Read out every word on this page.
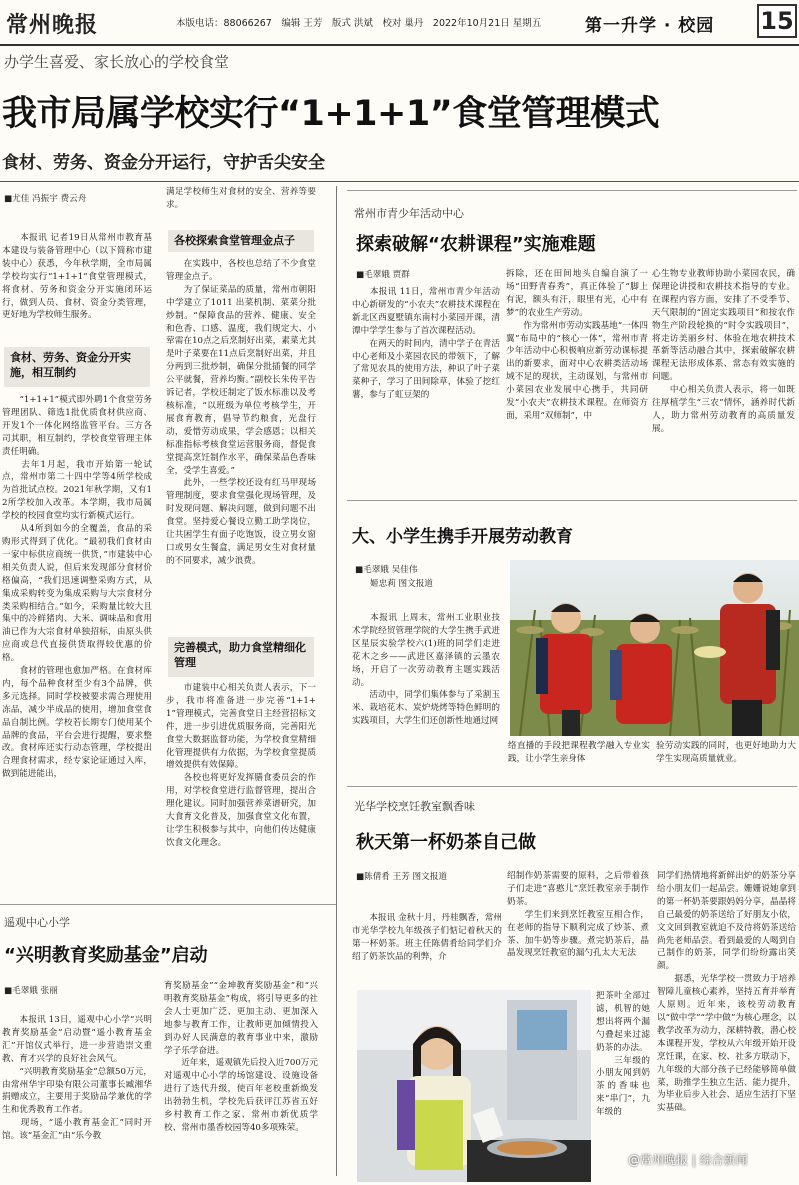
常州晚报	本版电话：88066267　编辑 王芳　版式 洪斌　校对 巢丹　2022年10月21日 星期五	第一升学 · 校园 15
办学生喜爱、家长放心的学校食堂
我市局属学校实行“1+1+1”食堂管理模式
食材、劳务、资金分开运行，守护舌尖安全
■尤佳 冯振宇 费云舟
　　本报讯 记者19日从常州市教育基本建设与装备管理中心（以下简称市建装中心）获悉，今年秋学期，全市局属学校均实行“1+1+1”食堂管理模式，将食材、劳务和资金分开实施闭环运行，做到人员、食材、资金分类管理，更好地为学校师生服务。
食材、劳务、资金分开实施，相互制约
　　“1+1+1”模式即外聘1个食堂劳务管理团队、筛选1批优质食材供应商、开发1个一体化网络监管平台。三方各司其职，相互制约，学校食堂管理主体责任明确。
　　去年1月起，我市开始第一轮试点，常州市第二十四中学等4所学校成为首批试点校。2021年秋学期，又有12所学校加入改革。本学期，我市局属学校的校园食堂均实行新模式运行。
　　从4所到如今的全覆盖，食品的采购形式得到了优化。“最初我们食材由一家中标供应商统一供货，”市建装中心相关负责人说，但后来发现部分食材价格偏高，“我们迅速调整采购方式，从集成采购转变为集成采购与大宗食材分类采购相结合。”如今，采购量比较大且集中的冷鲜猪肉、大米、调味品和食用油已作为大宗食材单独招标，由原头供应商或总代直接供货取得较优惠的价格。
　　食材的管理也愈加严格。在食材库内，每个品种食材至少有3个品牌，供多元选择。同时学校被要求需合理使用冻品，减少半成品的使用，增加食堂食品自制比例。学校若长期专门使用某个品牌的食品，平台会进行提醒，要求整改。食材库还实行动态管理，学校提出合理食材需求，经专家论证通过入库，做到能进能出，
满足学校师生对食材的安全、营养等要求。
各校探索食堂管理金点子
　　在实践中，各校也总结了不少食堂管理金点子。
　　为了保证菜品的质量，常州市朝阳中学建立了1011 出菜机制、菜菜分批炒制。“保障食品的营养、健康、安全和色香、口感、温度，我们规定大、小荤需在10点之后烹制好出菜，素菜尤其是叶子菜要在11点后烹制好出菜，并且分两到三批炒制，确保分批插餐的同学公平就餐，营养均衡。”副校长朱传平告诉记者，学校还制定了饭水标准以及考核标准，“以班级为单位考核学生，开展食育教育，倡导节约粮食，光盘行动，爱惜劳动成果，学会感恩；以相关标准指标考核食堂运营服务商，督促食堂提高烹饪制作水平，确保菜品色香味全，受学生喜爱。”
　　此外，一些学校还设有红马甲现场管理制度，要求食堂强化现场管理，及时发现问题、解决问题，做到问题不出食堂。坚持爱心餐设立勤工助学岗位，让共困学生有面子吃饱饭，设立男女窗口或男女生餐盒，满足男女生对食材量的不同要求，减少浪费。
完善模式，助力食堂精细化管理
　　市建装中心相关负责人表示，下一步，我市将准备进一步完善“1+1+1”管理模式，完善食堂日主经营招标文件，进一步引进优质服务商，完善阳光食堂大数据监督功能，为学校食堂精细化管理提供有力依据，为学校食堂提质增效提供有效保障。
　　各校也将更好发挥膳食委员会的作用，对学校食堂进行监督管理，提出合理化建议。同时加强营养菜谱研究，加大食育文化普及，加强食堂文化布置，让学生积极参与其中，向他们传达健康饮食文化理念。
常州市青少年活动中心
探索破解“农耕课程”实施难题
■毛翠娥 贾群
　　本报讯 11日，常州市青少年活动中心新研发的“小农夫”农耕技术课程在新北区西夏墅镇东南村小菜园开课，清潭中学学生参与了首次课程活动。
　　在两天的时间内，清中学子在青活中心老师及小菜园农民的带领下，了解了常见农具的使用方法，种识了叶子菜菜种子，学习了田间除草，体验了挖红薯，参与了虹豆架的
拆除，还在田间地头自编自演了一场“田野青春秀”，真正体验了“脚上有泥，额头有汗，眼里有光，心中有梦”的农业生产劳动。
　　作为常州市劳动实践基地“一体四翼”布局中的“核心一体”，常州市青少年活动中心积极响应新劳动课标提出的新要求，面对中心农耕类活动场域不足的现状，主动谋划，与常州市小菜园农业发展中心携手，共同研发“小农夫”农耕技术课程。在师资方面，采用“双师制”，中
心生物专业教师协助小菜园农民，确保理论讲授和农耕技术指导的专业。在课程内容方面，安排了不受季节、天气限制的“固定实践项目”和按农作物生产阶段轮换的“时令实践项目”，将走访美丽乡村、体验在地农耕技术革新等活动融合其中，探索破解农耕课程无法形成体系、常态有效实施的问题。
　　中心相关负责人表示，将一如既往厚植学生“三农”情怀，涵养时代新人，助力常州劳动教育的高质量发展。
大、小学生携手开展劳动教育
■毛翠娥 吴佳伟
姬忠莉 图文报道
　　本报讯 上周末，常州工业职业技术学院经贸管理学院的大学生携手武进区星辰实验学校六(1)班的同学们走进花木之乡——武进区嘉泽镇的云墨农场，开启了一次劳动教育主题实践活动。
　　活动中，同学们集体参与了采割玉米、栽培花木、炭炉烧烤等特色鲜明的实践项目，大学生们还创新性地通过网
络直播的手段把课程教学融入专业实践，让小学生亲身体
验劳动实践的同时，也更好地助力大学生实现高质量就业。
光华学校烹饪教室飘香味
秋天第一杯奶茶自己做
■陈倩肴 王芳 图文报道
　　本报讯 金秋十月，丹桂飘香，常州市光华学校九年级孩子们惦记着秋天的第一杯奶茶。班主任陈倩肴给同学们介绍了奶茶饮品的利弊，介
绍制作奶茶需要的原料，之后带着孩子们走进“喜憨儿”烹饪教室亲手制作奶茶。
　　学生们来到烹饪教室互相合作，在老师的指导下顺利完成了炒茶、煮茶、加牛奶等步骤。煮完奶茶后，晶晶发现烹饪教室的漏勺孔太大无法
把茶叶全部过滤，机智的她想出将两个漏勺叠起来过滤奶茶的办法。
　　三年级的小朋友闻到奶茶的香味也来“串门”，九年级的
同学们热情地将新鲜出炉的奶茶分享给小朋友们一起品尝。姗姗说她拿到的第一杯奶茶要跟妈妈分享，晶晶将自己最爱的奶茶送给了好朋友小依，文文回到教室就迫不及待将奶茶送给尚先老师品尝。看到最爱的人喝到自己制作的奶茶，同学们纷纷露出笑颜。
　　据悉，光华学校一贯致力于培养智障儿童核心素养，坚持五育并举育人原则。近年来，该校劳动教育以“做中学”“学中做”为核心理念，以教学改革为动力，深耕特教，潜心校本课程开发，学校从六年级开始开设烹饪课，在家、校、社多方联动下，九年级的大部分孩子已经能够简单做菜，助推学生独立生活、能力提升，为毕业后步入社会、适应生活打下坚实基础。
@常州晚报 | 综合新闻
遥观中心小学
“兴明教育奖励基金”启动
■毛翠娥 张丽
　　本报讯 13日，遥观中心小学“兴明教育奖励基金”启动暨“遥小教育基金汇”开馆仪式举行，进一步营造崇文重教、育才兴学的良好社会风气。
　　“兴明教育奖励基金”总额50万元，由常州华宇印染有限公司董事长臧湘华捐赠成立，主要用于奖励品学兼优的学生和优秀教育工作者。
　　现场，“遥小教育基金汇”同时开馆。该“基金汇”由“乐今教
育奖励基金”“金坤教育奖励基金”和“兴明教育奖励基金”构成，将引导更多的社会人士更加广泛、更加主动、更加深入地参与教育工作，让教师更加倾情投入到办好人民满意的教育事业中来，激励学子乐学奋进。
　　近年来，遥观镇先后投入近700万元对遥观中心小学的场馆建设、设施设备进行了迭代升级，使百年老校重新焕发出勃勃生机，学校先后获评江苏省五好乡村教育工作之家、常州市新优质学校、常州市墨香校园等40多项殊荣。
